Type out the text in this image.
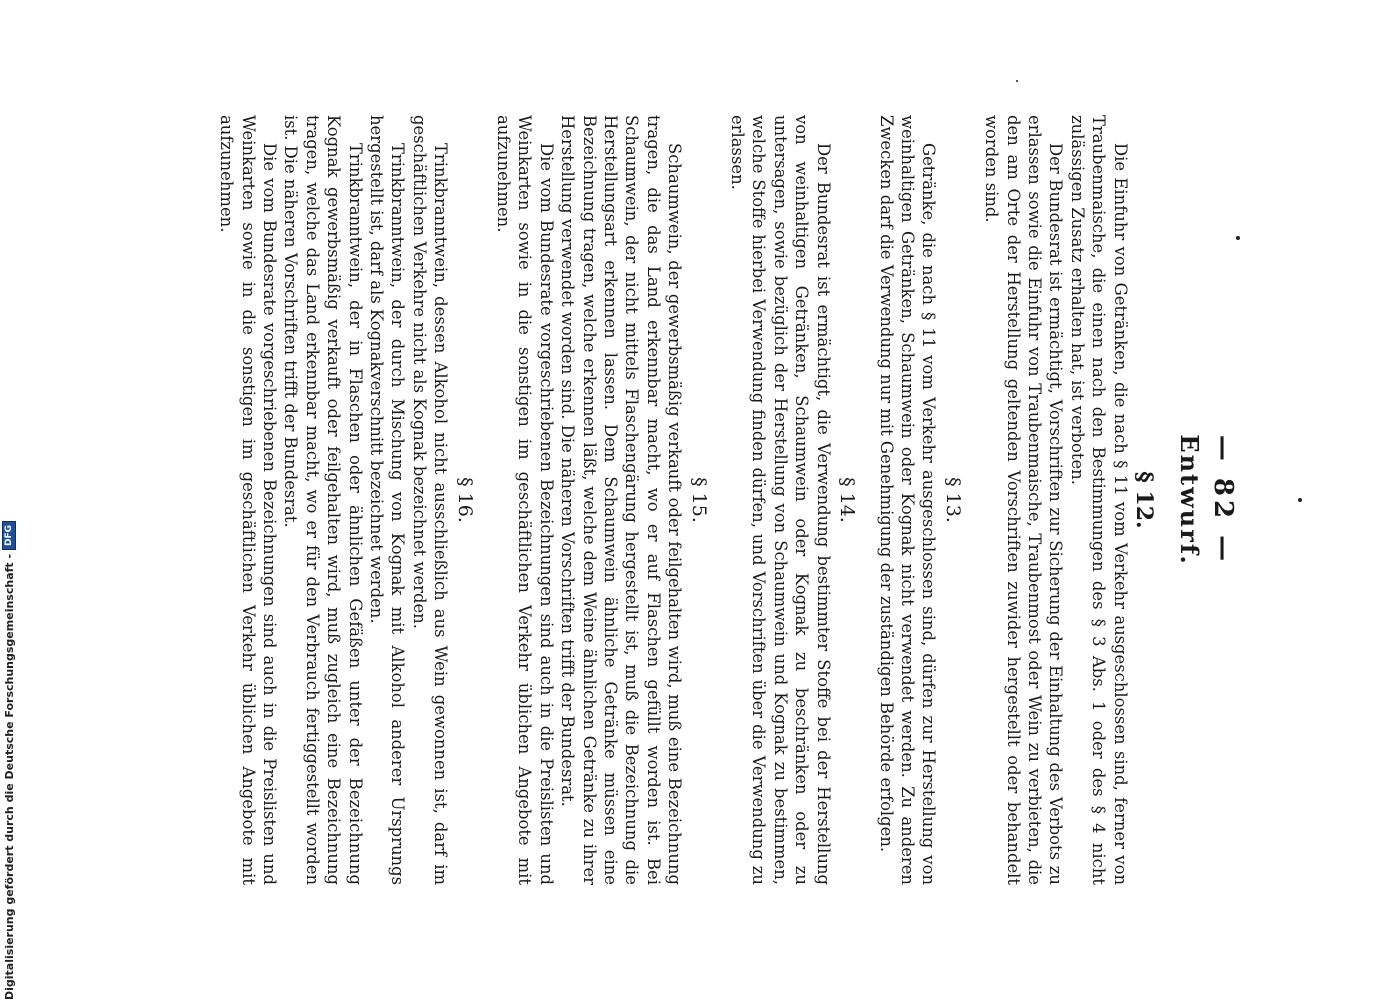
— 82 —
Entwurf.
§ 12.

Die Einfuhr von Getränken, die nach § 11 vom Verkehr ausgeschlossen sind, ferner von Traubenmaische, die einen nach den Bestimmungen des § 3 Abs. 1 oder des § 4 nicht zulässigen Zusatz erhalten hat, ist verboten.

Der Bundesrat ist ermächtigt, Vorschriften zur Sicherung der Einhaltung des Verbots zu erlassen sowie die Einfuhr von Traubenmaische, Traubenmost oder Wein zu verbieten, die den am Orte der Herstellung geltenden Vorschriften zuwider hergestellt oder behandelt worden sind.

§ 13.

Getränke, die nach § 11 vom Verkehr ausgeschlossen sind, dürfen zur Herstellung von weinhaltigen Getränken, Schaumwein oder Kognak nicht verwendet werden. Zu anderen Zwecken darf die Verwendung nur mit Genehmigung der zuständigen Behörde erfolgen.

§ 14.

Der Bundesrat ist ermächtigt, die Verwendung bestimmter Stoffe bei der Herstellung von weinhaltigen Getränken, Schaumwein oder Kognak zu beschränken oder zu untersagen, sowie bezüglich der Herstellung von Schaumwein und Kognak zu bestimmen, welche Stoffe hierbei Verwendung finden dürfen, und Vorschriften über die Verwendung zu erlassen.

§ 15.

Schaumwein, der gewerbsmäßig verkauft oder feilgehalten wird, muß eine Bezeichnung tragen, die das Land erkennbar macht, wo er auf Flaschen gefüllt worden ist. Bei Schaumwein, der nicht mittels Flaschengärung hergestellt ist, muß die Bezeichnung die Herstellungsart erkennen lassen. Dem Schaumwein ähnliche Getränke müssen eine Bezeichnung tragen, welche erkennen läßt, welche dem Weine ähnlichen Getränke zu ihrer Herstellung verwendet worden sind. Die näheren Vorschriften trifft der Bundesrat.

Die vom Bundesrate vorgeschriebenen Bezeichnungen sind auch in die Preislisten und Weinkarten sowie in die sonstigen im geschäftlichen Verkehr üblichen Angebote mit aufzunehmen.

§ 16.

Trinkbranntwein, dessen Alkohol nicht ausschließlich aus Wein gewonnen ist, darf im geschäftlichen Verkehre nicht als Kognak bezeichnet werden.

Trinkbranntwein, der durch Mischung von Kognak mit Alkohol anderer Ursprungs hergestellt ist, darf als Kognakverschnitt bezeichnet werden.

Trinkbranntwein, der in Flaschen oder ähnlichen Gefäßen unter der Bezeichnung Kognak gewerbsmäßig verkauft oder feilgehalten wird, muß zugleich eine Bezeichnung tragen, welche das Land erkennbar macht, wo er für den Verbrauch fertiggestellt worden ist. Die näheren Vorschriften trifft der Bundesrat.

Die vom Bundesrate vorgeschriebenen Bezeichnungen sind auch in die Preislisten und Weinkarten sowie in die sonstigen im geschäftlichen Verkehr üblichen Angebote mit aufzunehmen.

Digitalisierung gefördert durch die Deutsche Forschungsgemeinschaft -
DFG
